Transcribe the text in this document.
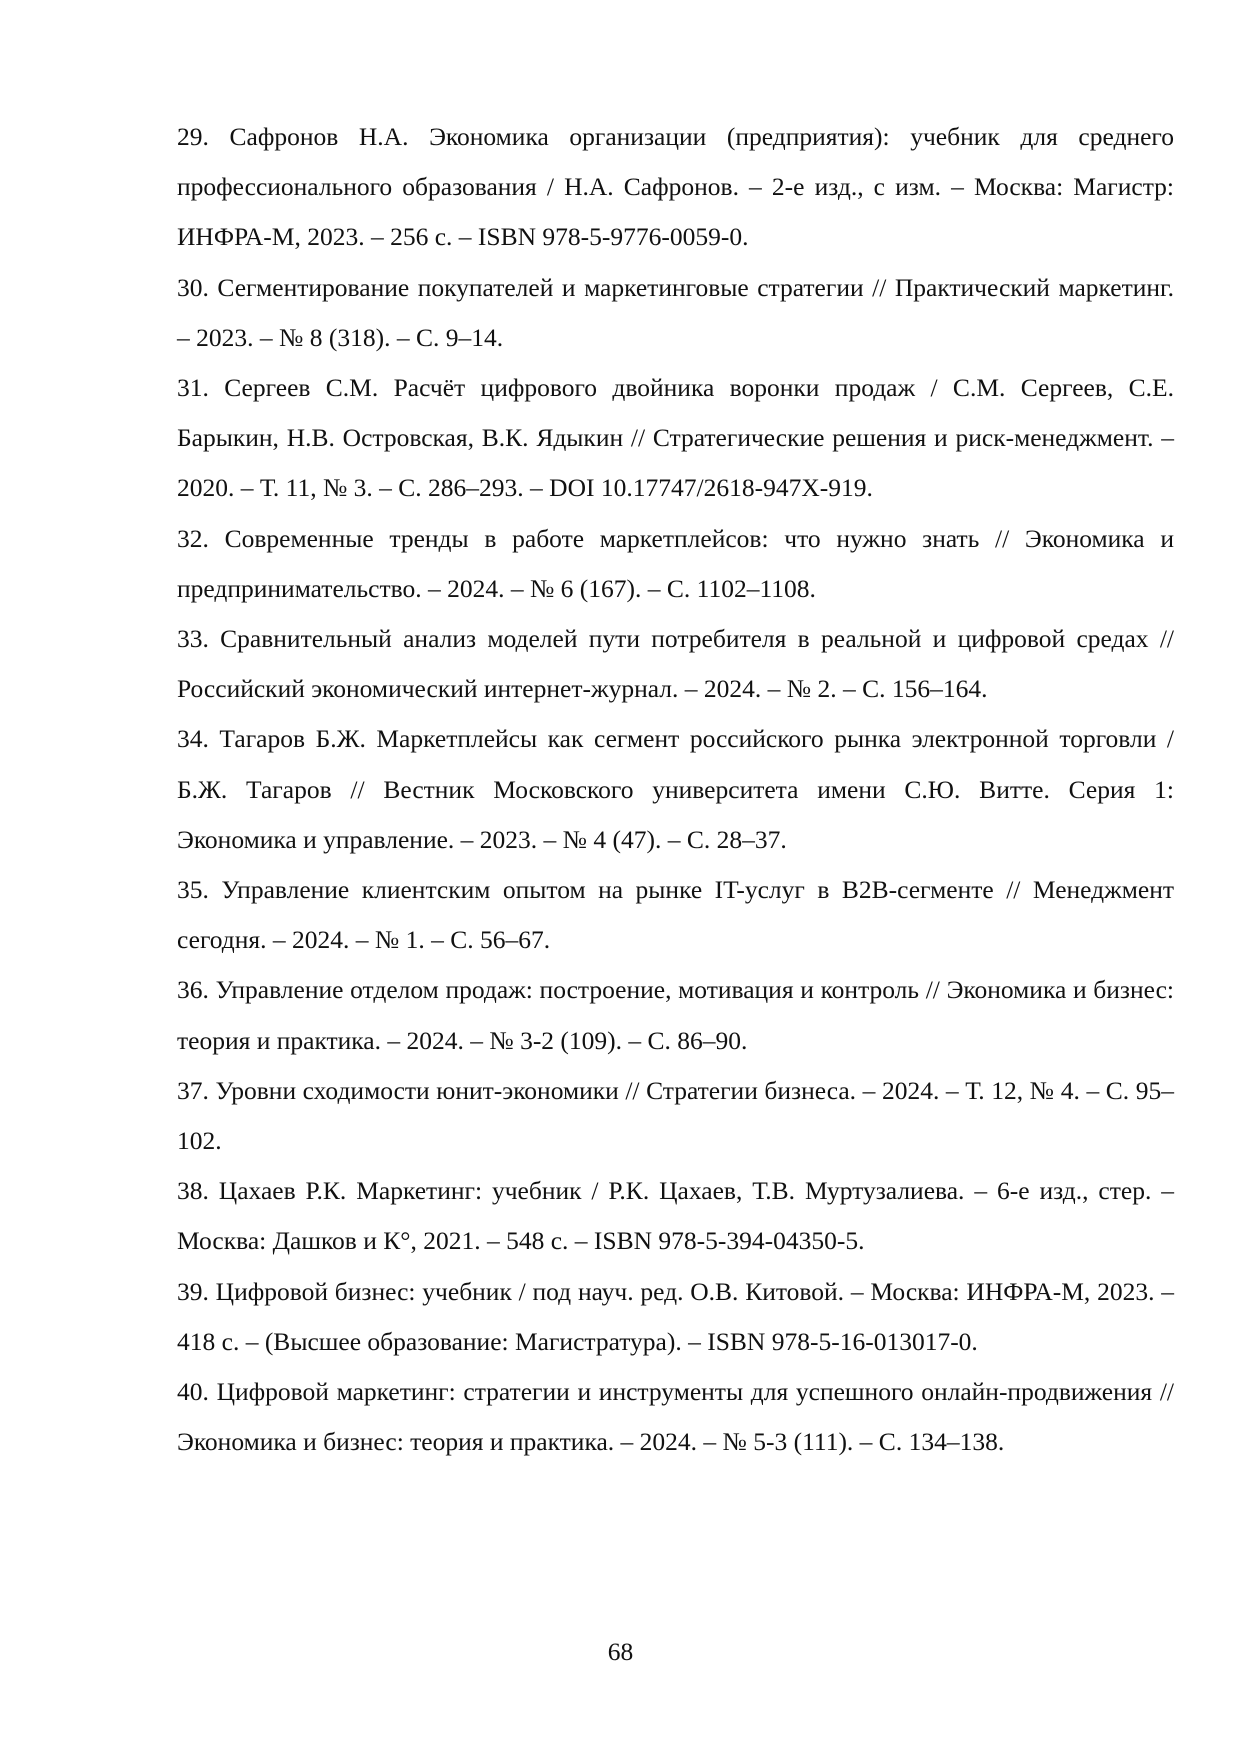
29. Сафронов Н.А. Экономика организации (предприятия): учебник для среднего профессионального образования / Н.А. Сафронов. – 2-е изд., с изм. – Москва: Магистр: ИНФРА-М, 2023. – 256 с. – ISBN 978-5-9776-0059-0.
30. Сегментирование покупателей и маркетинговые стратегии // Практический маркетинг. – 2023. – № 8 (318). – С. 9–14.
31. Сергеев С.М. Расчёт цифрового двойника воронки продаж / С.М. Сергеев, С.Е. Барыкин, Н.В. Островская, В.К. Ядыкин // Стратегические решения и риск-менеджмент. – 2020. – Т. 11, № 3. – С. 286–293. – DOI 10.17747/2618-947X-919.
32. Современные тренды в работе маркетплейсов: что нужно знать // Экономика и предпринимательство. – 2024. – № 6 (167). – С. 1102–1108.
33. Сравнительный анализ моделей пути потребителя в реальной и цифровой средах // Российский экономический интернет-журнал. – 2024. – № 2. – С. 156–164.
34. Тагаров Б.Ж. Маркетплейсы как сегмент российского рынка электронной торговли / Б.Ж. Тагаров // Вестник Московского университета имени С.Ю. Витте. Серия 1: Экономика и управление. – 2023. – № 4 (47). – С. 28–37.
35. Управление клиентским опытом на рынке IT-услуг в B2B-сегменте // Менеджмент сегодня. – 2024. – № 1. – С. 56–67.
36. Управление отделом продаж: построение, мотивация и контроль // Экономика и бизнес: теория и практика. – 2024. – № 3-2 (109). – С. 86–90.
37. Уровни сходимости юнит-экономики // Стратегии бизнеса. – 2024. – Т. 12, № 4. – С. 95–102.
38. Цахаев Р.К. Маркетинг: учебник / Р.К. Цахаев, Т.В. Муртузалиева. – 6-е изд., стер. – Москва: Дашков и К°, 2021. – 548 с. – ISBN 978-5-394-04350-5.
39. Цифровой бизнес: учебник / под науч. ред. О.В. Китовой. – Москва: ИНФРА-М, 2023. – 418 с. – (Высшее образование: Магистратура). – ISBN 978-5-16-013017-0.
40. Цифровой маркетинг: стратегии и инструменты для успешного онлайн-продвижения // Экономика и бизнес: теория и практика. – 2024. – № 5-3 (111). – С. 134–138.
68
